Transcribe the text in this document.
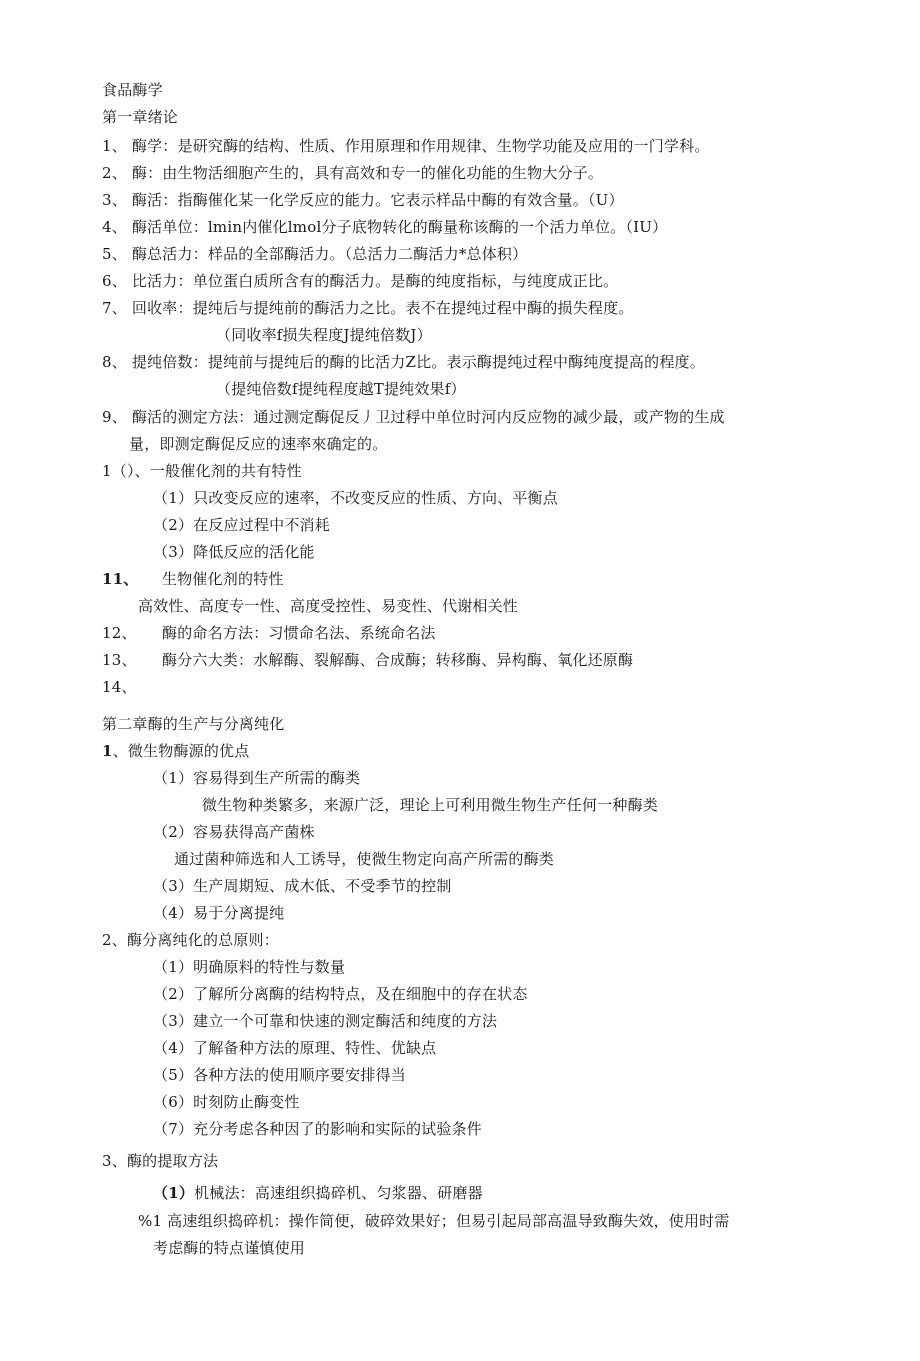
食品酶学
第一章绪论
1、 酶学：是研究酶的结构、性质、作用原理和作用规律、生物学功能及应用的一门学科。
2、 酶：由生物活细胞产生的，具有高效和专一的催化功能的生物大分子。
3、 酶活：指酶催化某一化学反应的能力。它表示样品中酶的有效含量。（U）
4、 酶活单位：lmin内催化lmol分子底物转化的酶量称该酶的一个活力单位。（IU）
5、 酶总活力：样品的全部酶活力。（总活力二酶活力*总体积）
6、 比活力：单位蛋白质所含有的酶活力。是酶的纯度指标，与纯度成正比。
7、 回收率：提纯后与提纯前的酶活力之比。表不在提纯过程中酶的损失程度。
（同收率f损失程度J提纯倍数J）
8、 提纯倍数：提纯前与提纯后的酶的比活力Z比。表示酶提纯过程中酶纯度提高的程度。
（提纯倍数f提纯程度越T提纯效果f）
9、 酶活的测定方法：通过测定酶促反丿卫过稃中单位时河内反应物的减少最，或产物的生成
量，即测定酶促反应的速率來确定的。
1（）、一般催化剂的共有特性
（1）只改变反应的速率，不改变反应的性质、方向、平衡点
（2）在反应过程中不消耗
（3）降低反应的活化能
11、 生物催化剂的特性
高效性、高度专一性、高度受控性、易变性、代谢相关性
12、 酶的命名方法：习惯命名法、系统命名法
13、 酶分六大类：水解酶、裂解酶、合成酶；转移酶、异构酶、氧化还原酶
14、
第二章酶的生产与分离纯化
1、微生物酶源的优点
（1）容易得到生产所需的酶类
微生物种类繁多，来源广泛，理论上可利用微生物生产任何一种酶类
（2）容易获得高产菌株
通过菌种筛选和人工诱导，使微生物定向高产所需的酶类
（3）生产周期短、成木低、不受季节的控制
（4）易于分离提纯
2、酶分离纯化的总原则：
（1）明确原料的特性与数量
（2）了解所分离酶的结构特点，及在细胞中的存在状态
（3）建立一个可靠和快速的测定酶活和纯度的方法
（4）了解备种方法的原理、特性、优缺点
（5）各种方法的使用顺序要安排得当
（6）时刻防止酶变性
（7）充分考虑各种因了的影响和实际的试验条件
3、酶的提取方法
（1）机械法：高速组织捣碎机、匀浆器、研磨器
%1 高速组织捣碎机：操作简便，破碎效果好；但易引起局部高温导致酶失效，使用时需
考虑酶的特点谨慎使用
